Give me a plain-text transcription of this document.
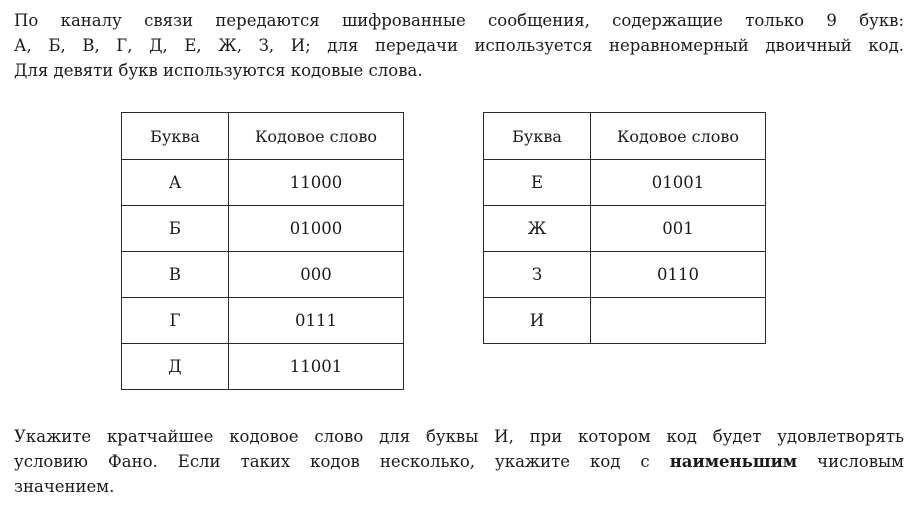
По каналу связи передаются шифрованные сообщения, содержащие только 9 букв:
А, Б, В, Г, Д, Е, Ж, З, И; для передачи используется неравномерный двоичный код.
Для девяти букв используются кодовые слова.
Буква	Кодовое слово
А	11000
Б	01000
В	000
Г	0111
Д	11001
Буква	Кодовое слово
Е	01001
Ж	001
З	0110
И	
Укажите кратчайшее кодовое слово для буквы И, при котором код будет удовлетворять
условию Фано. Если таких кодов несколько, укажите код с наименьшим числовым
значением.
